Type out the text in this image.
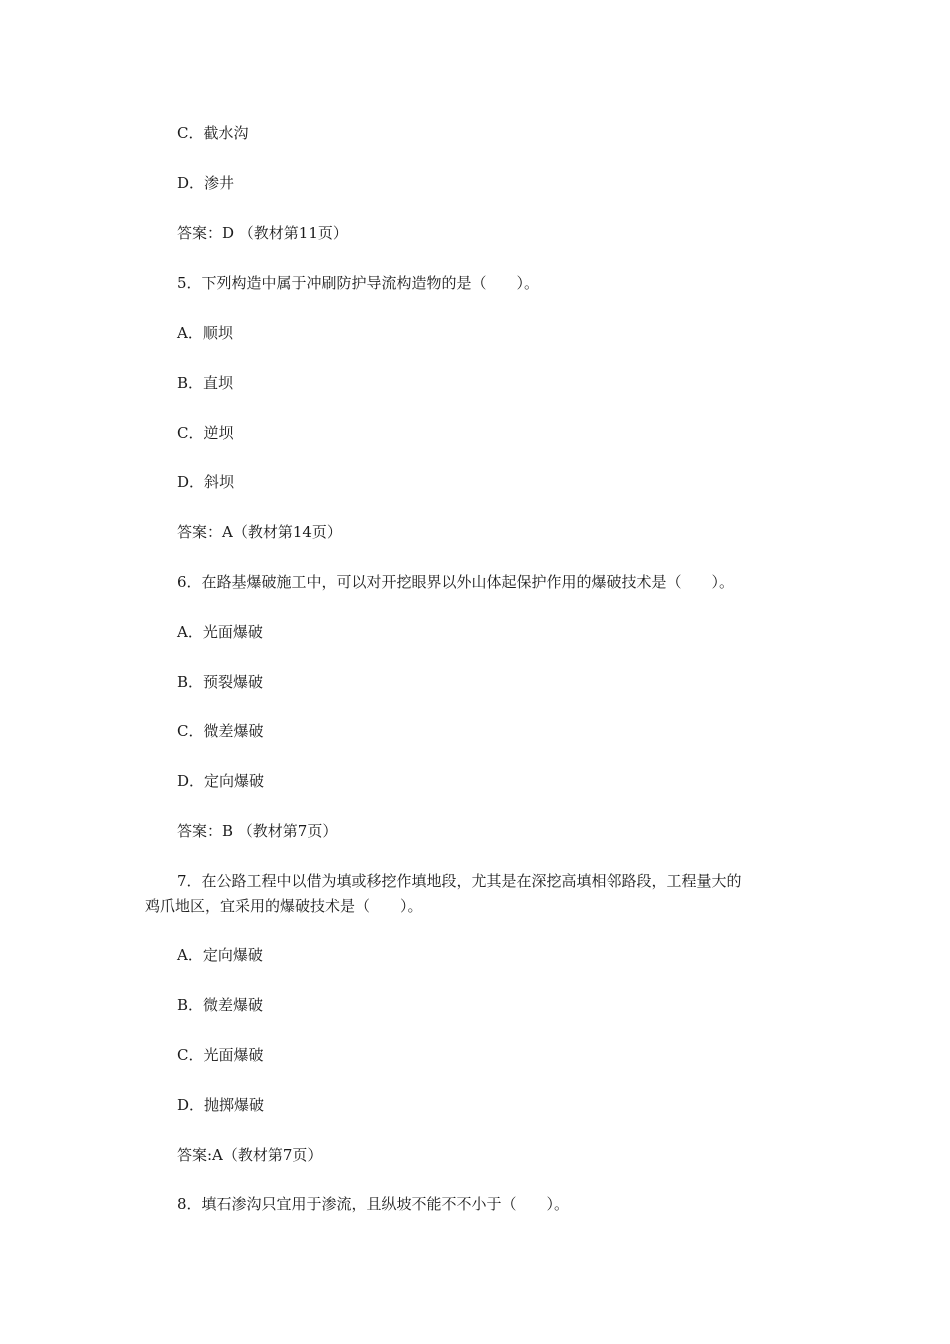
C．截水沟
D．渗井
答案：D （教材第11页）
5．下列构造中属于冲刷防护导流构造物的是（　　）。
A．顺坝
B．直坝
C．逆坝
D．斜坝
答案：A（教材第14页）
6．在路基爆破施工中，可以对开挖眼界以外山体起保护作用的爆破技术是（　　）。
A．光面爆破
B．预裂爆破
C．微差爆破
D．定向爆破
答案：B （教材第7页）
7．在公路工程中以借为填或移挖作填地段，尤其是在深挖高填相邻路段，工程量大的
鸡爪地区，宜采用的爆破技术是（　　）。
A．定向爆破
B．微差爆破
C．光面爆破
D．抛掷爆破
答案:A（教材第7页）
8．填石渗沟只宜用于渗流，且纵坡不能不不小于（　　）。
